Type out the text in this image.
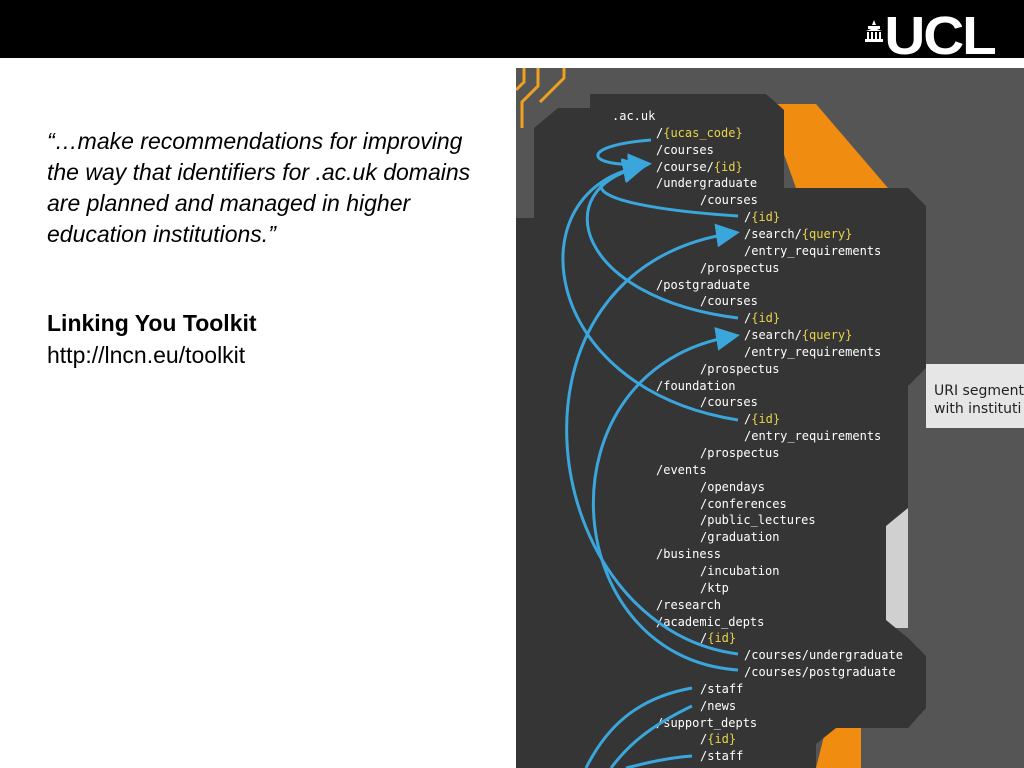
UCL
“…make recommendations for improving the way that identifiers for .ac.uk domains are planned and managed in higher education institutions.”
Linking You Toolkit
http://lncn.eu/toolkit
URI segment
with instituti
.ac.uk
/{ucas_code}
/courses
/course/{id}
/undergraduate
/courses
/{id}
/search/{query}
/entry_requirements
/prospectus
/postgraduate
/courses
/{id}
/search/{query}
/entry_requirements
/prospectus
/foundation
/courses
/{id}
/entry_requirements
/prospectus
/events
/opendays
/conferences
/public_lectures
/graduation
/business
/incubation
/ktp
/research
/academic_depts
/{id}
/courses/undergraduate
/courses/postgraduate
/staff
/news
/support_depts
/{id}
/staff
